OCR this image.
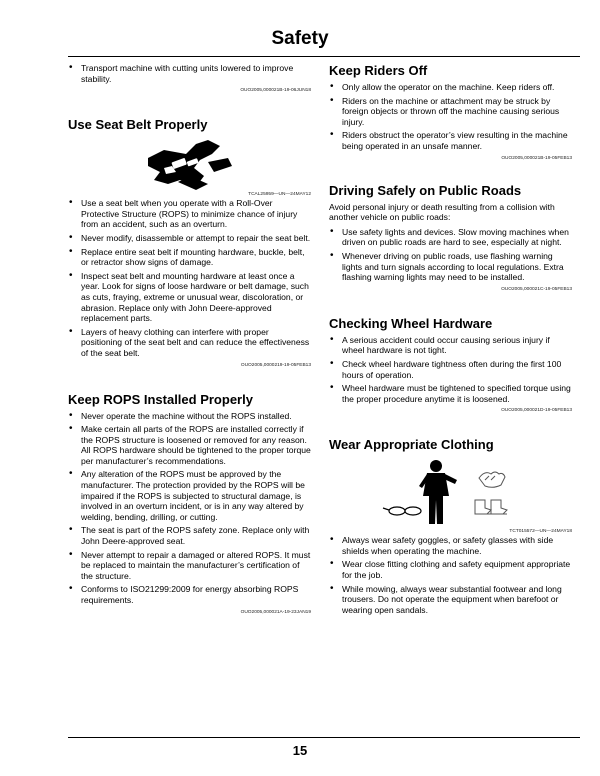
Safety
• Transport machine with cutting units lowered to improve stability.
OUO2005,000021B-19-06JUN18
Use Seat Belt Properly
TCAL25959—UN—24MAY12
• Use a seat belt when you operate with a Roll-Over Protective Structure (ROPS) to minimize chance of injury from an accident, such as an overturn.
• Never modify, disassemble or attempt to repair the seat belt.
• Replace entire seat belt if mounting hardware, buckle, belt, or retractor show signs of damage.
• Inspect seat belt and mounting hardware at least once a year. Look for signs of loose hardware or belt damage, such as cuts, fraying, extreme or unusual wear, discoloration, or abrasion. Replace only with John Deere-approved replacement parts.
• Layers of heavy clothing can interfere with proper positioning of the seat belt and can reduce the effectiveness of the seat belt.
OUO2005,0000219-19-05FEB13
Keep ROPS Installed Properly
• Never operate the machine without the ROPS installed.
• Make certain all parts of the ROPS are installed correctly if the ROPS structure is loosened or removed for any reason. All ROPS hardware should be tightened to the proper torque per manufacturer’s recommendations.
• Any alteration of the ROPS must be approved by the manufacturer. The protection provided by the ROPS will be impaired if the ROPS is subjected to structural damage, is involved in an overturn incident, or is in any way altered by welding, bending, drilling, or cutting.
• The seat is part of the ROPS safety zone. Replace only with John Deere-approved seat.
• Never attempt to repair a damaged or altered ROPS. It must be replaced to maintain the manufacturer’s certification of the structure.
• Conforms to ISO21299:2009 for energy absorbing ROPS requirements.
OUO2005,000021A-19-23JAN19
Keep Riders Off
• Only allow the operator on the machine. Keep riders off.
• Riders on the machine or attachment may be struck by foreign objects or thrown off the machine causing serious injury.
• Riders obstruct the operator’s view resulting in the machine being operated in an unsafe manner.
OUO2005,000021B-19-05FEB13
Driving Safely on Public Roads

Avoid personal injury or death resulting from a collision with another vehicle on public roads:

• Use safety lights and devices. Slow moving machines when driven on public roads are hard to see, especially at night.
• Whenever driving on public roads, use flashing warning lights and turn signals according to local regulations. Extra flashing warning lights may need to be installed.
OUO2005,000021C-19-05FEB13
Checking Wheel Hardware
• A serious accident could occur causing serious injury if wheel hardware is not tight.
• Check wheel hardware tightness often during the first 100 hours of operation.
• Wheel hardware must be tightened to specified torque using the proper procedure anytime it is loosened.
OUO2005,000021D-19-05FEB13
Wear Appropriate Clothing
TCT015572—UN—24MAY18
• Always wear safety goggles, or safety glasses with side shields when operating the machine.
• Wear close fitting clothing and safety equipment appropriate for the job.
• While mowing, always wear substantial footwear and long trousers. Do not operate the equipment when barefoot or wearing open sandals.
15
